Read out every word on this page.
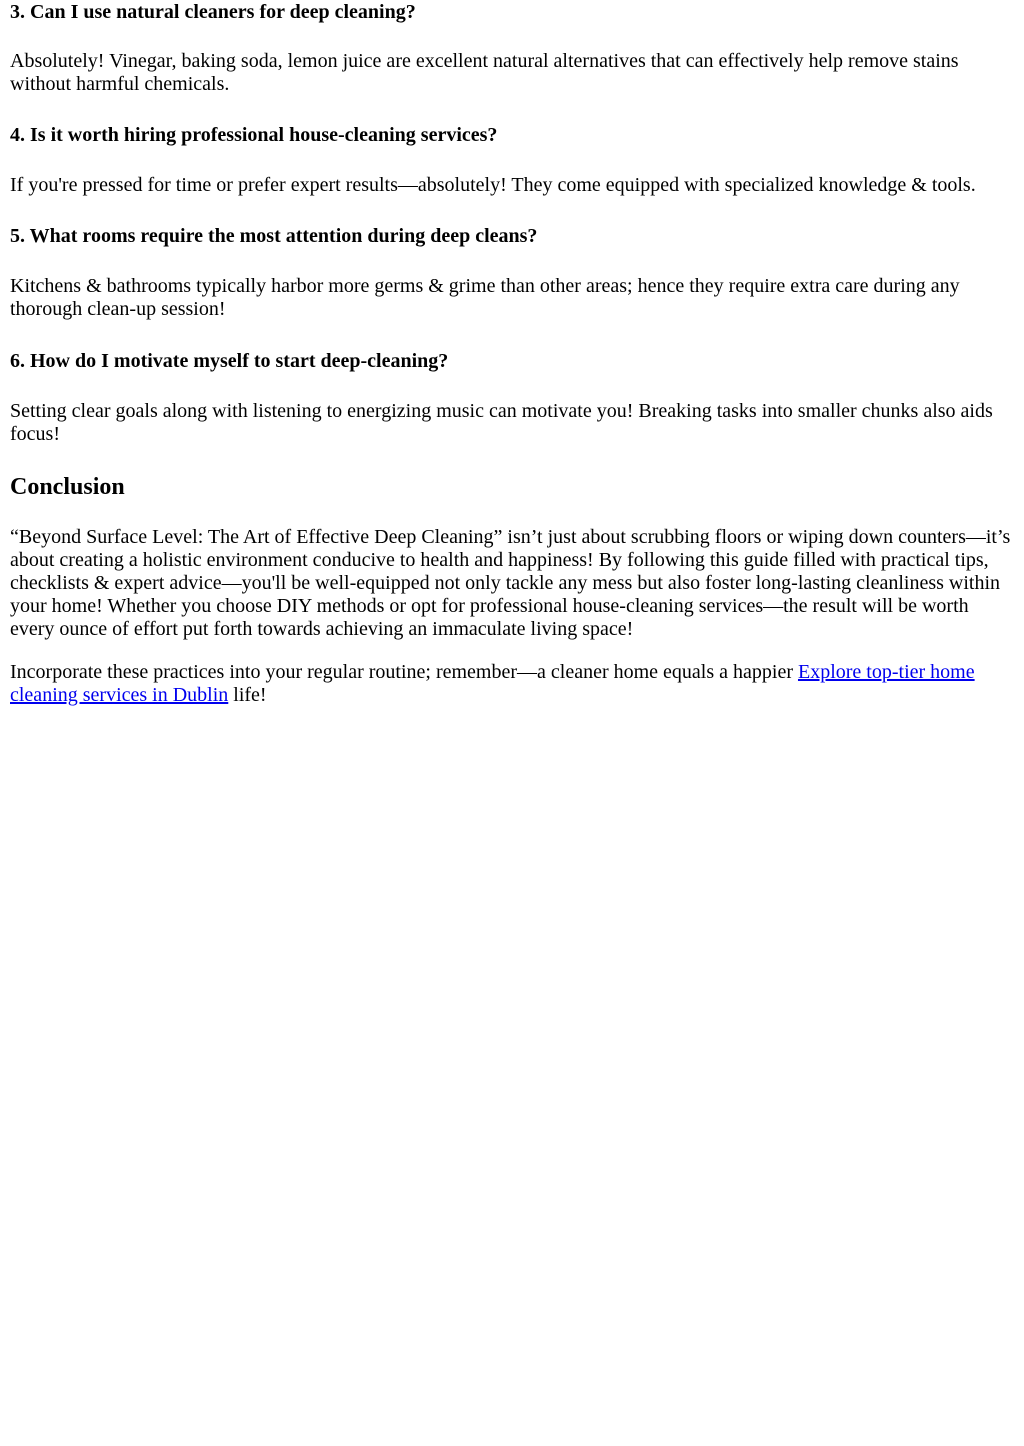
3. Can I use natural cleaners for deep cleaning?

Absolutely! Vinegar, baking soda, lemon juice are excellent natural alternatives that can effectively help remove stains without harmful chemicals.

4. Is it worth hiring professional house-cleaning services?

If you're pressed for time or prefer expert results—absolutely! They come equipped with specialized knowledge & tools.

5. What rooms require the most attention during deep cleans?

Kitchens & bathrooms typically harbor more germs & grime than other areas; hence they require extra care during any thorough clean-up session!

6. How do I motivate myself to start deep-cleaning?

Setting clear goals along with listening to energizing music can motivate you! Breaking tasks into smaller chunks also aids focus!

Conclusion

“Beyond Surface Level: The Art of Effective Deep Cleaning” isn’t just about scrubbing floors or wiping down counters—it’s about creating a holistic environment conducive to health and happiness! By following this guide filled with practical tips, checklists & expert advice—you'll be well-equipped not only tackle any mess but also foster long-lasting cleanliness within your home! Whether you choose DIY methods or opt for professional house-cleaning services—the result will be worth every ounce of effort put forth towards achieving an immaculate living space!

Incorporate these practices into your regular routine; remember—a cleaner home equals a happier Explore top-tier home cleaning services in Dublin life!
